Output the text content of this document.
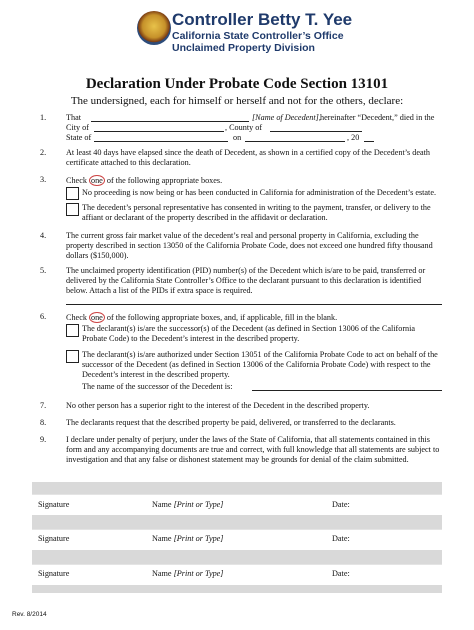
Controller Betty T. Yee
California State Controller’s Office
Unclaimed Property Division
Declaration Under Probate Code Section 13101
The undersigned, each for himself or herself and not for the others, declare:
1. That	[Name of Decedent], hereinafter “Decedent,” died in the
City of	, County of
State of	on	, 20
2. At least 40 days have elapsed since the death of Decedent, as shown in a certified copy of the Decedent’s death certificate attached to this declaration.
3. Check one of the following appropriate boxes.
No proceeding is now being or has been conducted in California for administration of the Decedent’s estate.
The decedent’s personal representative has consented in writing to the payment, transfer, or delivery to the affiant or declarant of the property described in the affidavit or declaration.
4. The current gross fair market value of the decedent’s real and personal property in California, excluding the property described in section 13050 of the California Probate Code, does not exceed one hundred fifty thousand dollars ($150,000).
5. The unclaimed property identification (PID) number(s) of the Decedent which is/are to be paid, transferred or delivered by the California State Controller’s Office to the declarant pursuant to this declaration is identified below. Attach a list of the PIDs if extra space is required.
6. Check one of the following appropriate boxes, and, if applicable, fill in the blank.
The declarant(s) is/are the successor(s) of the Decedent (as defined in Section 13006 of the California Probate Code) to the Decedent’s interest in the described property.
The declarant(s) is/are authorized under Section 13051 of the California Probate Code to act on behalf of the successor of the Decedent (as defined in Section 13006 of the California Probate Code) with respect to the Decedent’s interest in the described property.
The name of the successor of the Decedent is:
7. No other person has a superior right to the interest of the Decedent in the described property.
8. The declarants request that the described property be paid, delivered, or transferred to the declarants.
9. I declare under penalty of perjury, under the laws of the State of California, that all statements contained in this form and any accompanying documents are true and correct, with full knowledge that all statements are subject to investigation and that any false or dishonest statement may be grounds for denial of the claim submitted.
Signature	Name [Print or Type]	Date:
Signature	Name [Print or Type]	Date:
Signature	Name [Print or Type]	Date:
Rev. 8/2014
